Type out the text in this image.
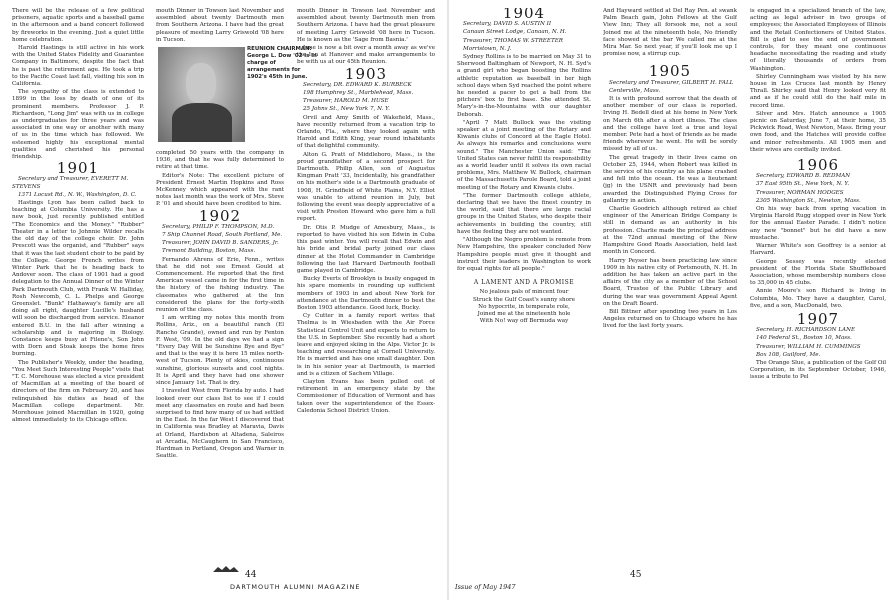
There will be the release of a few political prisoners, aquatic sports and a baseball game in the afternoon and a band concert followed by fireworks in the evening. Just a quiet little home celebration.

Harold Hastings is still active in his work with the United States Fidelity and Guarantee Company in Baltimore, despite the fact that he is past the retirement age. He took a trip to the Pacific Coast last fall, visiting his son in California.

The sympathy of the class is extended to 1899 in the loss by death of one of its prominent members. Professor J. P. Richardson, "Long Jim" was with us in college as undergraduates for three years and was associated in one way or another with many of us in the time which has followed. We esteemed highly his exceptional mental qualities and cherished his personal friendship.

1901

Secretary and Treasurer, EVERETT M. STEVENS

1371 Locust Rd., N. W., Washington, D. C.

Hastings Lyon has been called back to teaching at Columbia University. He has a new book, just recently published entitled "The Economics and the Money." "Rubber" Theater in a letter to Johnnie Wilder recalls the old day of the college choir. Dr. John Prescott was the organist, and "Rubber" says that it was the last student choir to be paid by the College. George French writes from Winter Park that he is heading back to Andover soon. The class of 1901 had a good delegation to the Annual Dinner of the Winter Park Dartmouth Club, with Frank W. Halliday, Rosh Newcomb, C. L. Phelps and George Greenslet. "Bunk" Hathaway's family are all doing all right, daughter Lucille's husband will soon be discharged from service. Eleanor entered B.U. in the fall after winning a scholarship and is majoring in Biology. Constance keeps busy at Filene's, Son John with Dorn and Stoak keeps the home fires burning.

The Publisher's Weekly, under the heading, "You Meet Such Interesting People" visits that "T. C. Morehouse was elected a vice president of Macmillan at a meeting of the board of directors of the firm on February 20, and has relinquished his duties as head of the Macmillan college department. Mr. Morehouse joined Macmillan in 1920, going almost immediately to its Chicago office.

mouth Dinner in Towson last November and assembled about twenty Dartmouth men from Southern Arizona. I have had the great pleasure of meeting Larry Griswold '08 here in Tucson.

REUNION CHAIRMAN: George L. Dow '02 is in charge of arrangements for 1902's 45th in June.

completed 50 years with the company in 1936, and that he was fully determined to retire at that time.

Editor's Note: The excellent picture of President Ernest Martin Hopkins and Ross McKenney which appeared with the rant notes last month was the work of Mrs. Steve P. '01 and should have been credited to him.

1902

Secretary, PHILIP F. THOMPSON, M.D.

7 Ship Channel Road, South Portland, Me.

Treasurer, JOHN DAVID B. SANDERS, Jr.

Tremont Building, Boston, Mass.

Fernando Ahrens of Erie, Fenn., writes that he did not see Ernest Gould at Commencement. He reported that the first American vessel came in for the first time in the history of the fishing industry. The classmates who gathered at the Inn considered the plans for the forty-sixth reunion of the class.

I am writing my notes this month from Rollins, Ariz., on a beautiful ranch (El Rancho Grande), owned and run by Fenton F. West, '09. In the old days we had a sign "Every Day Will be Sunshine Bye and Bye" and that is the way it is here 15 miles north-west of Tucson. Plenty of skies, continuous sunshine, glorious sunsets and cool nights. It is April and they have had one shower since January 1st. That is dry.

I traveled West from Florida by auto. I had looked over our class list to see if I could meet any classmates en route and had been surprised to find how many of us had settled in the East. In the far West I discovered that in California was Bradley at Maravia, Davis at Orland, Hardisbon at Altadena, Saleiros at Arcadia, McCaughern in San Francisco, Hardman in Portland, Oregon and Warner in Seattle.

mouth Dinner in Towson last November and assembled about twenty Dartmouth men from Southern Arizona. I have had the great pleasure of meeting Larry Griswold '08 here in Tucson. He is known as the 'Sage from Basnia.'

June is now a bit over a month away as we've the Inn at Hanover and make arrangements to be with us at our 45th Reunion.

1903

Secretary, DR. EDWARD K. BURBECK

198 Humphrey St., Marblehead, Mass.

Treasurer, HAROLD M. HUSE

25 Johns St., New York 7, N. Y.

Orvil and Amy Smith of Wakefield, Mass., have recently returned from a vacation trip to Orlando, Fla., where they looked again with Harold and Edith King, year round inhabitants of that delightful community.

Alton G. Pratt of Middleboro, Mass., is the proud grandfather of a second prospect for Dartmouth. Philip Allen, son of Augustus Kingman Pratt '33, Incidentally, his grandfather on his mother's side is a Dartmouth graduate of 1908, H. Grindfield of White Plains, N.Y. Elliot was unable to attend reunion in July, but following the event was deeply appreciative of a visit with Preston Howard who gave him a full report.

Dr. Otis P. Mudge of Amesbury, Mass., is reported to have visited his son Edwin in Cuba this past winter. You will recall that Edwin and his bride and bridal party joined our class dinner at the Hotel Commander in Cambridge following the last Harvard Dartmouth football game played in Cambridge.

Bucky Everts of Brooklyn is busily engaged in his spare moments in rounding up sufficient members of 1903 in and about New York for attendance at the Dartmouth dinner to best the Boston 1903 attendance. Good luck, Bucky.

Cy Cutter in a family report writes that Thelma is in Wiesbaden with the Air Force Statistical Control Unit and expects to return to the U.S. in September. She recently had a short leave and enjoyed skiing in the Alps. Victor Jr. is teaching and researching at Cornell University. He is married and has one small daughter. Don is in his senior year at Dartmouth, is married and is a citizen of Sachem Village.

Clayton Evans has been pulled out of retirement in an emergency state by the Commissioner of Education of Vermont and has taken over the superintendence of the Essex-Caledonia School District Union.

44
DARTMOUTH ALUMNI MAGAZINE
1904

Secretary, DAVID S. AUSTIN II

Canaan Street Lodge, Canaan, N. H.

Treasurer, THOMAS W. STREETER

Morristown, N. J.

Sydney Rollins is to be married on May 31 to Sherwood Baltingham of Newport, N. H. Syd's a grand girl who began boosting the Rollins athletic reputation as baseball in her high school days when Syd reached the point where he needed a pacer to get a ball from the pitchers' box to first base. She attended St. Mary's-in-the-Mountains with our daughter Deborah.

"April 7 Matt Bullock was the visiting speaker at a joint meeting of the Rotary and Kiwanis clubs of Concord at the Eagle Hotel. As always his remarks and conclusions were sound." The Manchester Union said: "The United States can never fulfill its responsibility as a world leader until it solves its own racial problems, Mrs. Matthew W. Bullock, chairman of the Massachusetts Parole Board, told a joint meeting of the Rotary and Kiwanis clubs.

"The former Dartmouth college athlete, declaring that we have the finest country in the world, said that there are large racial groups in the United States, who despite their achievements in building the country, still have the feeling they are not wanted.

"Although the Negro problem is remote from New Hampshire, the speaker concluded New Hampshire people must give it thought and instruct their leaders in Washington to work for equal rights for all people."

A LAMENT AND A PROMISE
No jealous pals of mincent four
Struck the Gulf Coast's sunny shore
No hypocrite, in temperate role,
Joined me at the nineteenth hole
With No! way off Bermuda way

And Hayward settled at Del Ray Pen. at swank Palm Beach gain, John Fellows at the Gulf View Inn; They all forsook me, not a soul Joined me at the nineteenth hole, No friendly face showed at the bar We called me at the Mira Mar. So next year, if you'll look me up I promise now, a stirrup cup.

1905

Secretary and Treasurer, GILBERT H. FALL

Centerville, Mass.

It is with profound sorrow that the death of another member of our class is reported. Irving H. Bedell died at his home in New York on March 6th after a short illness. The class and the college have lost a true and loyal member. Pete had a host of friends as he made friends wherever he went. He will be sorely missed by all of us.

The great tragedy in their lives came on October 25, 1944, when Robert was killed in the service of his country as his plane crashed and fell into the ocean. He was a lieutenant (jg) in the USNR and previously had been awarded the Distinguished Flying Cross for gallantry in action.

Charlie Goodrich although retired as chief engineer of the American Bridge Company is still in demand as an authority in his profession. Charlie made the principal address at the 72nd annual meeting of the New Hampshire Good Roads Association, held last month in Concord.

Harry Peyser has been practicing law since 1909 in his native city of Portsmouth, N. H. In addition he has taken an active part in the affairs of the city as a member of the School Board, Trustee of the Public Library and during the war was government Appeal Agent on the Draft Board.

Bill Bittner after spending two years in Los Angeles returned on to Chicago where he has lived for the last forty years.

is engaged in a specialized branch of the law, acting as legal adviser in two groups of employees; the Associated Employees of Illinois and the Retail Confectioners of United States. Bill is glad to see the end of government controls, for they meant one continuous headache necessitating the reading and study of literally thousands of orders from Washington.

Shirley Cunningham was visited by his new house in Los Cruces last month by Henry Thrall. Shirley said that Henry looked very fit and as if he could still do the half mile in record time.

Silver and Mrs. Hatch announce a 1905 picnic on Saturday, June 7, at their home, 35 Pickwick Road, West Newton, Mass. Bring your own food, and the Hatches will provide coffee and minor refreshments. All 1905 men and their wives are cordially invited.

1906

Secretary, EDWARD B. REDMAN

37 East 95th St., New York, N. Y.

Treasurer, NORMAN HODGES

2305 Washington St., Newton, Mass.

On his way back from spring vacation in Virginia Harold Rugg stopped over in New York for the annual Easter Parade. I didn't notice any new "bonnet" but he did have a new mustache.

Warner White's son Geoffrey is a senior at Harvard.

George Sessey was recently elected president of the Florida State Shuffleboard Association, whose membership numbers close to 35,000 in 45 clubs.

Annie Moore's son Richard is living in Columbia, Mo. They have a daughter, Carol, five, and a son, MacDonald, two.

1907

Secretary, H. RICHARDSON LANE

140 Federal St., Boston 10, Mass.

Treasurer, WILLIAM H. CUMMINGS

Box 108, Guilford, Me.

The Orange Slue, a publication of the Golf Oil Corporation, in its September October, 1946, issue a tribute to Pel

Issue of May 1947
45
